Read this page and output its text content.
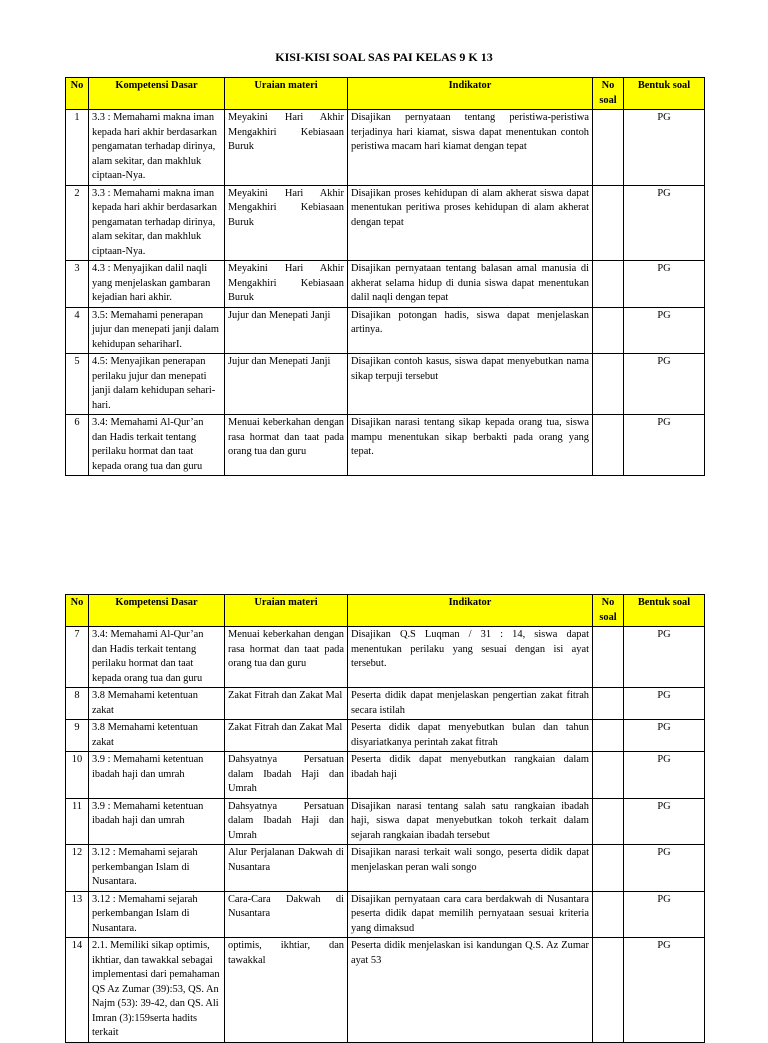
KISI-KISI SOAL SAS PAI KELAS 9 K 13
No	Kompetensi Dasar	Uraian materi	Indikator	No soal	Bentuk soal
1	3.3 : Memahami makna iman kepada hari akhir berdasarkan pengamatan terhadap dirinya, alam sekitar, dan makhluk ciptaan-Nya.	Meyakini Hari Akhir Mengakhiri Kebiasaan Buruk	Disajikan pernyataan tentang peristiwa-peristiwa terjadinya hari kiamat, siswa dapat menentukan contoh peristiwa macam hari kiamat dengan tepat		PG
2	3.3 : Memahami makna iman kepada hari akhir berdasarkan pengamatan terhadap dirinya, alam sekitar, dan makhluk ciptaan-Nya.	Meyakini Hari Akhir Mengakhiri Kebiasaan Buruk	Disajikan proses kehidupan di alam akherat siswa dapat menentukan peritiwa proses kehidupan di alam akherat dengan tepat		PG
3	4.3 : Menyajikan dalil naqli yang menjelaskan gambaran kejadian hari akhir.	Meyakini Hari Akhir Mengakhiri Kebiasaan Buruk	Disajikan pernyataan tentang balasan amal manusia di akherat selama hidup di dunia siswa dapat menentukan dalil naqli dengan tepat		PG
4	3.5: Memahami penerapan jujur dan menepati janji dalam kehidupan sehariharI.	Jujur dan Menepati Janji	Disajikan potongan hadis, siswa dapat menjelaskan artinya.		PG
5	4.5: Menyajikan penerapan perilaku jujur dan menepati janji dalam kehidupan sehari-hari.	Jujur dan Menepati Janji	Disajikan contoh kasus, siswa dapat menyebutkan nama sikap terpuji tersebut		PG
6	3.4: Memahami Al-Qur’an dan Hadis terkait tentang perilaku hormat dan taat kepada orang tua dan guru	Menuai keberkahan dengan rasa hormat dan taat pada orang tua dan guru	Disajikan narasi tentang sikap kepada orang tua, siswa mampu menentukan sikap berbakti pada orang yang tepat.		PG
No	Kompetensi Dasar	Uraian materi	Indikator	No soal	Bentuk soal
7	3.4: Memahami Al-Qur’an dan Hadis terkait tentang perilaku hormat dan taat kepada orang tua dan guru	Menuai keberkahan dengan rasa hormat dan taat pada orang tua dan guru	Disajikan Q.S Luqman / 31 : 14, siswa dapat menentukan perilaku yang sesuai dengan isi ayat tersebut.		PG
8	3.8 Memahami ketentuan zakat	Zakat Fitrah dan Zakat Mal	Peserta didik dapat menjelaskan pengertian zakat fitrah secara istilah		PG
9	3.8 Memahami ketentuan zakat	Zakat Fitrah dan Zakat Mal	Peserta didik dapat menyebutkan bulan dan tahun disyariatkanya perintah zakat fitrah		PG
10	3.9 : Memahami ketentuan ibadah haji dan umrah	Dahsyatnya Persatuan dalam Ibadah Haji dan Umrah	Peserta didik dapat menyebutkan rangkaian dalam ibadah haji		PG
11	3.9 : Memahami ketentuan ibadah haji dan umrah	Dahsyatnya Persatuan dalam Ibadah Haji dan Umrah	Disajikan narasi tentang salah satu rangkaian ibadah haji, siswa dapat menyebutkan tokoh terkait dalam sejarah rangkaian ibadah tersebut		PG
12	3.12 : Memahami sejarah perkembangan Islam di Nusantara.	Alur Perjalanan Dakwah di Nusantara	Disajikan narasi terkait wali songo, peserta didik dapat menjelaskan peran wali songo		PG
13	3.12 : Memahami sejarah perkembangan Islam di Nusantara.	Cara-Cara Dakwah di Nusantara	Disajikan pernyataan cara cara berdakwah di Nusantara peserta didik dapat memilih pernyataan sesuai kriteria yang dimaksud		PG
14	2.1. Memiliki sikap optimis, ikhtiar, dan tawakkal sebagai implementasi dari pemahaman QS Az Zumar (39):53, QS. An Najm (53): 39-42, dan QS. Ali Imran (3):159serta hadits terkait	optimis, ikhtiar, dan tawakkal	Peserta didik menjelaskan isi kandungan Q.S. Az Zumar ayat 53		PG
